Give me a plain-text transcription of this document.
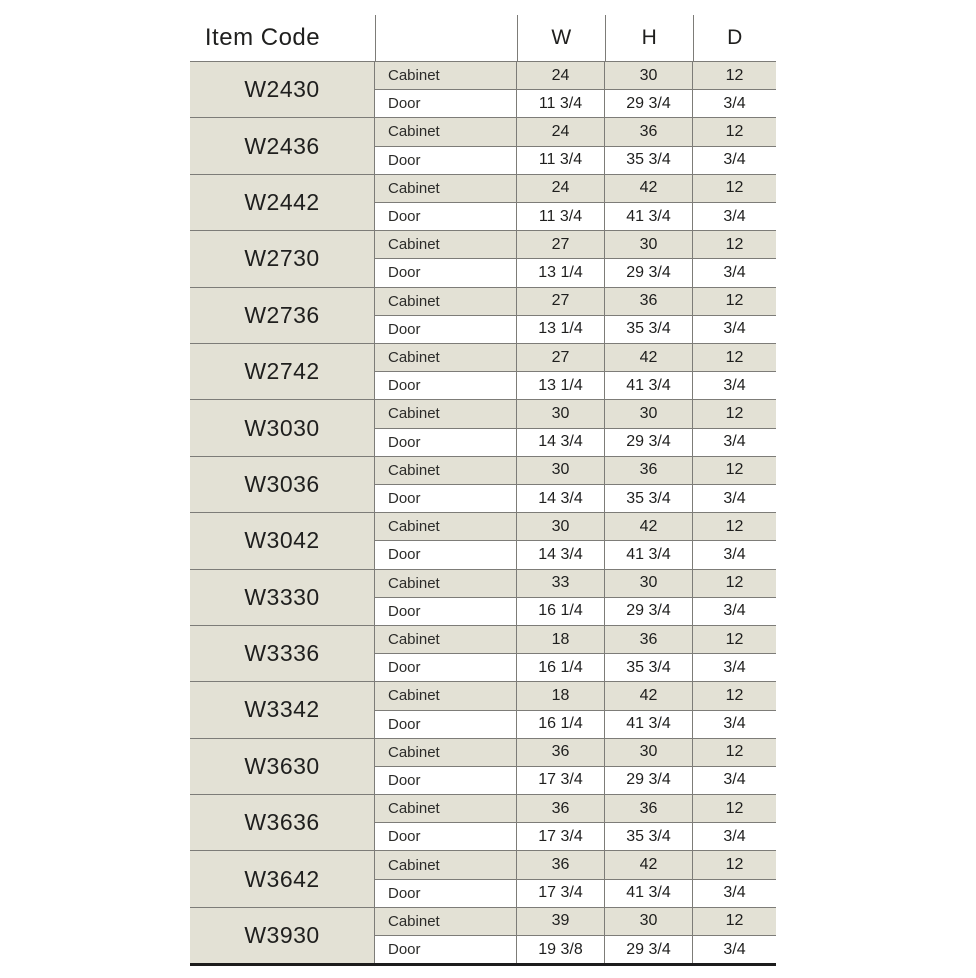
Item Code	W	H	D
W2430
Cabinet	24	30	12
Door	11 3/4	29 3/4	3/4
W2436
Cabinet	24	36	12
Door	11 3/4	35 3/4	3/4
W2442
Cabinet	24	42	12
Door	11 3/4	41 3/4	3/4
W2730
Cabinet	27	30	12
Door	13 1/4	29 3/4	3/4
W2736
Cabinet	27	36	12
Door	13 1/4	35 3/4	3/4
W2742
Cabinet	27	42	12
Door	13 1/4	41 3/4	3/4
W3030
Cabinet	30	30	12
Door	14 3/4	29 3/4	3/4
W3036
Cabinet	30	36	12
Door	14 3/4	35 3/4	3/4
W3042
Cabinet	30	42	12
Door	14 3/4	41 3/4	3/4
W3330
Cabinet	33	30	12
Door	16 1/4	29 3/4	3/4
W3336
Cabinet	18	36	12
Door	16 1/4	35 3/4	3/4
W3342
Cabinet	18	42	12
Door	16 1/4	41 3/4	3/4
W3630
Cabinet	36	30	12
Door	17 3/4	29 3/4	3/4
W3636
Cabinet	36	36	12
Door	17 3/4	35 3/4	3/4
W3642
Cabinet	36	42	12
Door	17 3/4	41 3/4	3/4
W3930
Cabinet	39	30	12
Door	19 3/8	29 3/4	3/4
